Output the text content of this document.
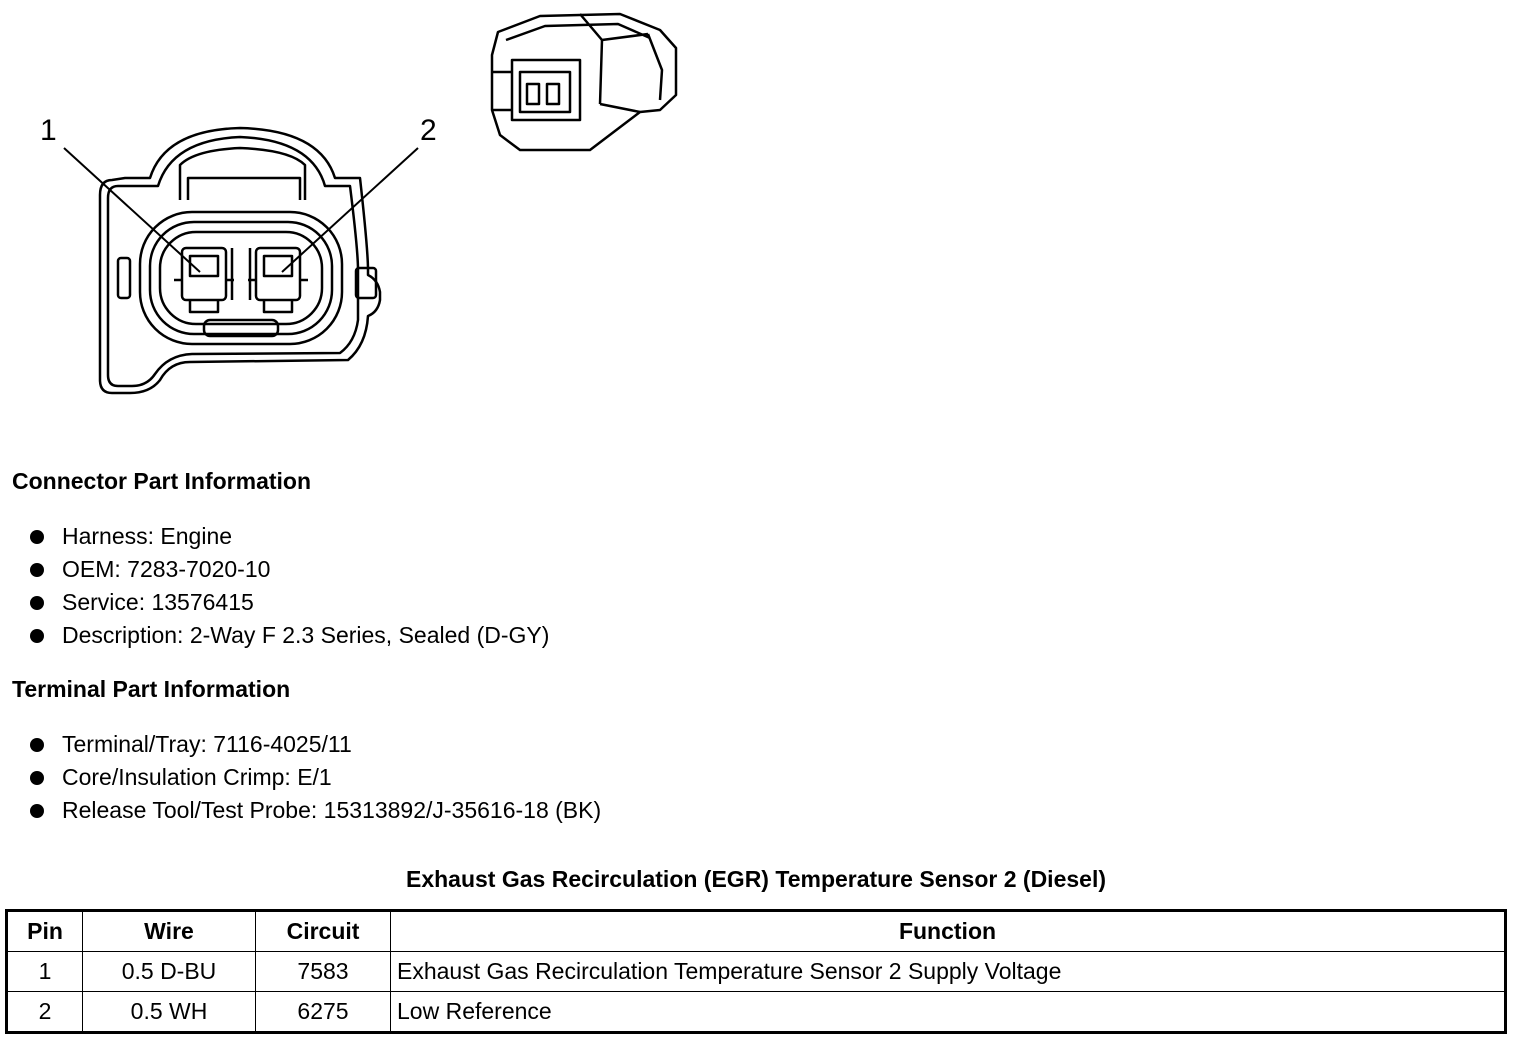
1	2
Connector Part Information
Harness: Engine
OEM: 7283-7020-10
Service: 13576415
Description: 2-Way F 2.3 Series, Sealed (D-GY)
Terminal Part Information
Terminal/Tray: 7116-4025/11
Core/Insulation Crimp: E/1
Release Tool/Test Probe: 15313892/J-35616-18 (BK)
Exhaust Gas Recirculation (EGR) Temperature Sensor 2 (Diesel)
Pin	Wire	Circuit	Function
1	0.5 D-BU	7583	Exhaust Gas Recirculation Temperature Sensor 2 Supply Voltage
2	0.5 WH	6275	Low Reference
